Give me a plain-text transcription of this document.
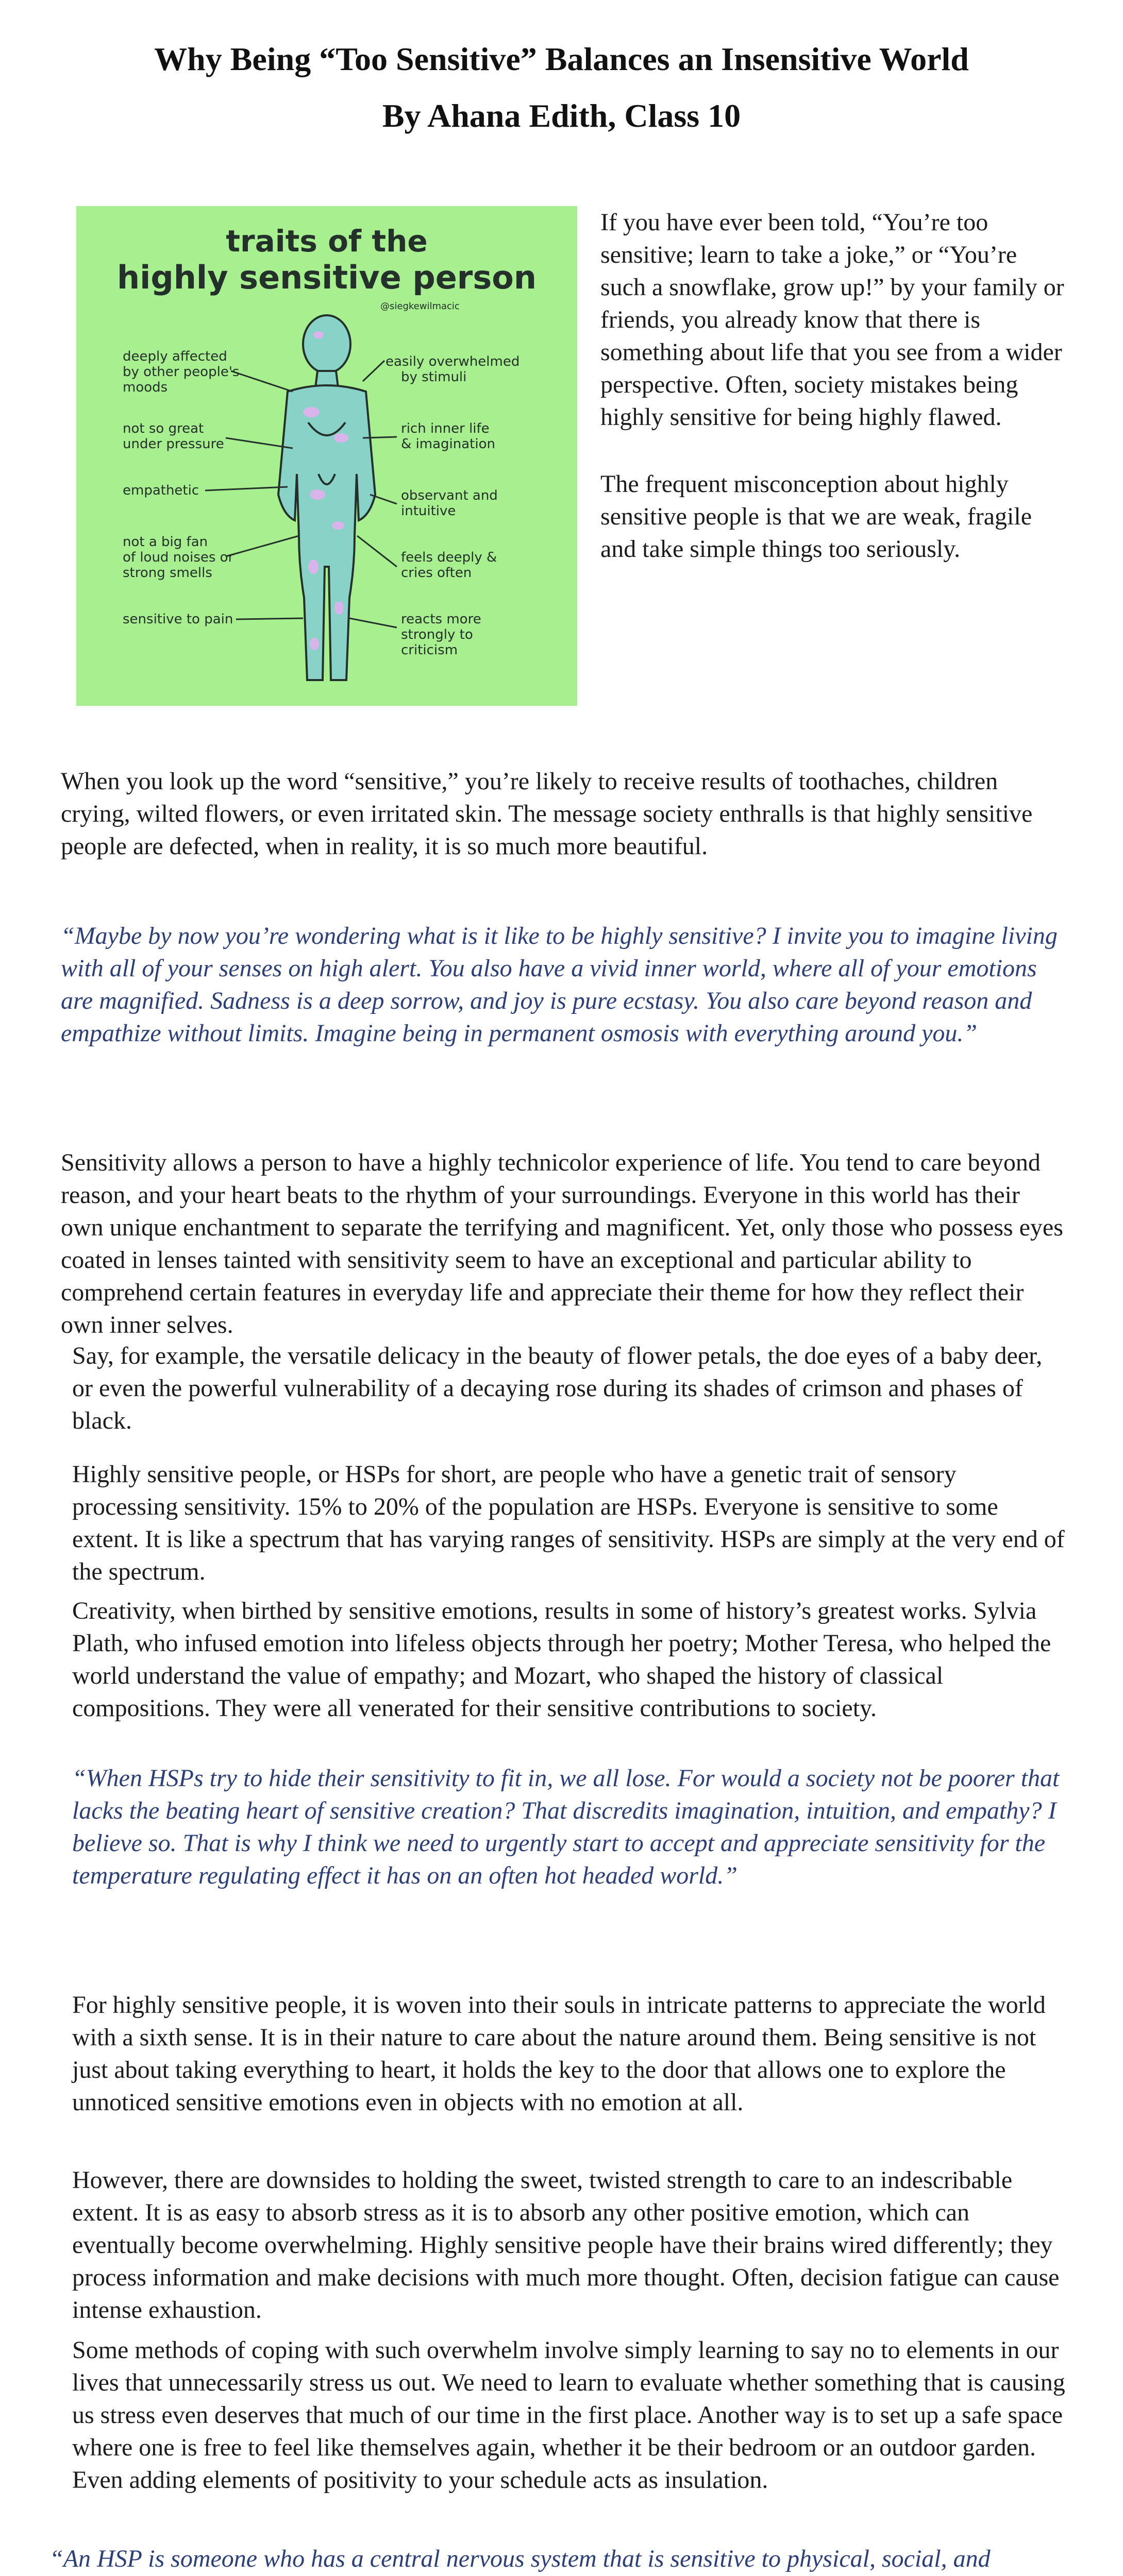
Why Being “Too Sensitive” Balances an Insensitive World
By Ahana Edith, Class 10
traits of the
highly sensitive person
@siegkewilmacic
deeply affected by other people's moods
not so great under pressure
empathetic
not a big fan of loud noises or strong smells
sensitive to pain
easily overwhelmed by stimuli
rich inner life & imagination
observant and intuitive
feels deeply & cries often
reacts more strongly to criticism

If you have ever been told, “You’re too sensitive; learn to take a joke,” or “You’re such a snowflake, grow up!” by your family or friends, you already know that there is something about life that you see from a wider perspective. Often, society mistakes being highly sensitive for being highly flawed.

The frequent misconception about highly sensitive people is that we are weak, fragile and take simple things too seriously.

When you look up the word “sensitive,” you’re likely to receive results of toothaches, children crying, wilted flowers, or even irritated skin. The message society enthralls is that highly sensitive people are defected, when in reality, it is so much more beautiful.

“Maybe by now you’re wondering what is it like to be highly sensitive? I invite you to imagine living with all of your senses on high alert. You also have a vivid inner world, where all of your emotions are magnified. Sadness is a deep sorrow, and joy is pure ecstasy. You also care beyond reason and empathize without limits. Imagine being in permanent osmosis with everything around you.”

Sensitivity allows a person to have a highly technicolor experience of life. You tend to care beyond reason, and your heart beats to the rhythm of your surroundings. Everyone in this world has their own unique enchantment to separate the terrifying and magnificent. Yet, only those who possess eyes coated in lenses tainted with sensitivity seem to have an exceptional and particular ability to comprehend certain features in everyday life and appreciate their theme for how they reflect their own inner selves.

Say, for example, the versatile delicacy in the beauty of flower petals, the doe eyes of a baby deer, or even the powerful vulnerability of a decaying rose during its shades of crimson and phases of black.

Highly sensitive people, or HSPs for short, are people who have a genetic trait of sensory processing sensitivity. 15% to 20% of the population are HSPs. Everyone is sensitive to some extent. It is like a spectrum that has varying ranges of sensitivity. HSPs are simply at the very end of the spectrum.

Creativity, when birthed by sensitive emotions, results in some of history’s greatest works. Sylvia Plath, who infused emotion into lifeless objects through her poetry; Mother Teresa, who helped the world understand the value of empathy; and Mozart, who shaped the history of classical compositions. They were all venerated for their sensitive contributions to society.

“When HSPs try to hide their sensitivity to fit in, we all lose. For would a society not be poorer that lacks the beating heart of sensitive creation? That discredits imagination, intuition, and empathy? I believe so. That is why I think we need to urgently start to accept and appreciate sensitivity for the temperature regulating effect it has on an often hot headed world.”

For highly sensitive people, it is woven into their souls in intricate patterns to appreciate the world with a sixth sense. It is in their nature to care about the nature around them. Being sensitive is not just about taking everything to heart, it holds the key to the door that allows one to explore the unnoticed sensitive emotions even in objects with no emotion at all.

However, there are downsides to holding the sweet, twisted strength to care to an indescribable extent. It is as easy to absorb stress as it is to absorb any other positive emotion, which can eventually become overwhelming. Highly sensitive people have their brains wired differently; they process information and make decisions with much more thought. Often, decision fatigue can cause intense exhaustion.

Some methods of coping with such overwhelm involve simply learning to say no to elements in our lives that unnecessarily stress us out. We need to learn to evaluate whether something that is causing us stress even deserves that much of our time in the first place. Another way is to set up a safe space where one is free to feel like themselves again, whether it be their bedroom or an outdoor garden. Even adding elements of positivity to your schedule acts as insulation.

“An HSP is someone who has a central nervous system that is sensitive to physical, social, and
